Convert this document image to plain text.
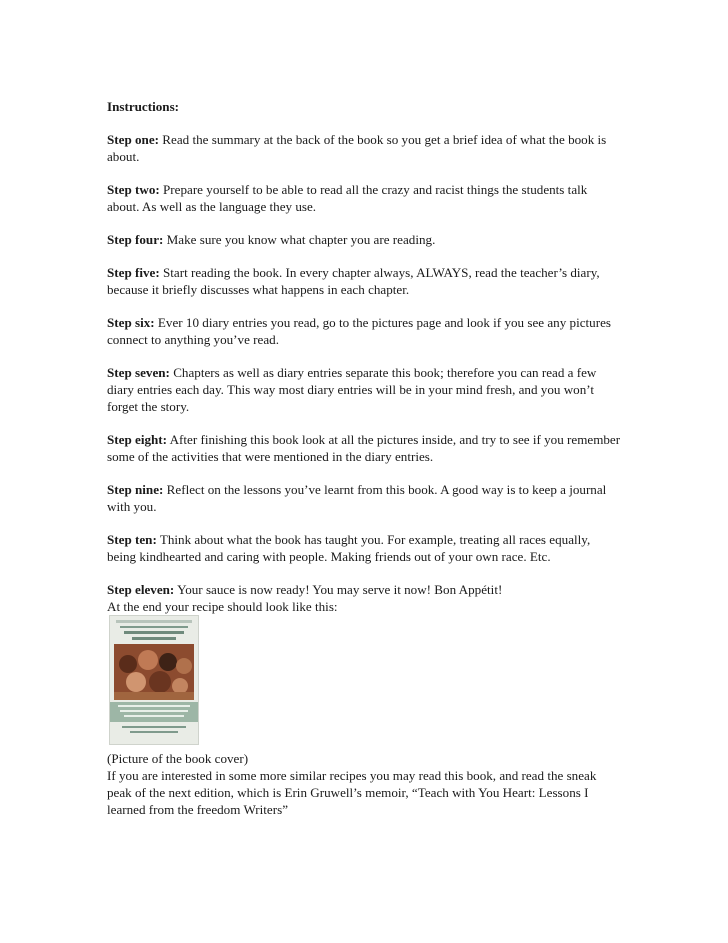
Instructions:

Step one: Read the summary at the back of the book so you get a brief idea of what the book is about.

Step two: Prepare yourself to be able to read all the crazy and racist things the students talk about. As well as the language they use.

Step four: Make sure you know what chapter you are reading.

Step five: Start reading the book. In every chapter always, ALWAYS, read the teacher’s diary, because it briefly discusses what happens in each chapter.

Step six: Ever 10 diary entries you read, go to the pictures page and look if you see any pictures connect to anything you’ve read.

Step seven: Chapters as well as diary entries separate this book; therefore you can read a few diary entries each day. This way most diary entries will be in your mind fresh, and you won’t forget the story.

Step eight: After finishing this book look at all the pictures inside, and try to see if you remember some of the activities that were mentioned in the diary entries.

Step nine: Reflect on the lessons you’ve learnt from this book. A good way is to keep a journal with you.

Step ten: Think about what the book has taught you. For example, treating all races equally, being kindhearted and caring with people. Making friends out of your own race. Etc.

Step eleven: Your sauce is now ready! You may serve it now! Bon Appétit!

At the end your recipe should look like this:

(Picture of the book cover)

If you are interested in some more similar recipes you may read this book, and read the sneak peak of the next edition, which is Erin Gruwell’s memoir, “Teach with You Heart: Lessons I learned from the freedom Writers”
